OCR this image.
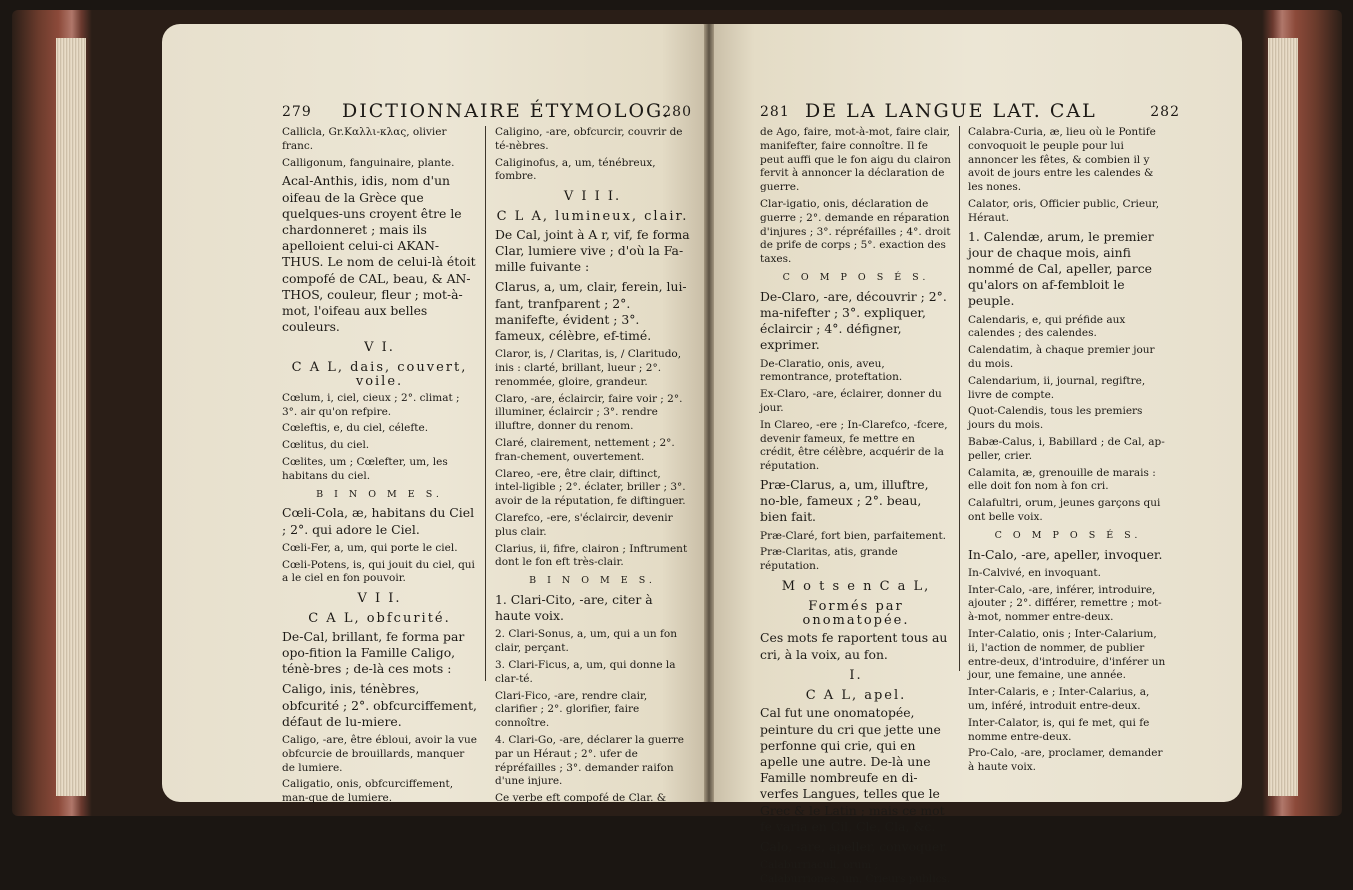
279 DICTIONNAIRE ÉTYMOLOG.
280

Callicla, Gr.Καλλι-κλας, olivier franc.

Calligonum, fanguinaire, plante.

Acal-Anthis, idis, nom d'un oifeau de la Grèce que quelques-uns croyent être le chardonneret ; mais ils apelloient celui-ci AKAN-THUS. Le nom de celui-là étoit compofé de CAL, beau, & AN-THOS, couleur, fleur ; mot-à-mot, l'oifeau aux belles couleurs.

V I.

C A L, dais, couvert, voile.

Cœlum, i, ciel, cieux ; 2°. climat ; 3°. air qu'on refpire.

Cœleftis, e, du ciel, célefte.

Cœlitus, du ciel.

Cœlites, um ; Cœlefter, um, les habitans du ciel.

B I N O M E S.

Cœli-Cola, æ, habitans du Ciel ; 2°. qui adore le Ciel.

Cœli-Fer, a, um, qui porte le ciel.

Cœli-Potens, is, qui jouit du ciel, qui a le ciel en fon pouvoir.

V I I.

C A L, obfcurité.

De-Cal, brillant, fe forma par opo-fition la Famille Caligo, ténè-bres ; de-là ces mots :

Caligo, inis, ténèbres, obfcurité ; 2°. obfcurciffement, défaut de lu-miere.

Caligo, -are, être ébloui, avoir la vue obfcurcie de brouillards, manquer de lumiere.

Caligatio, onis, obfcurciffement, man-que de lumiere.

Caligino, -are, obfcurcir, couvrir de té-nèbres.

Caliginofus, a, um, ténébreux, fombre.

V I I I.

C L A, lumineux, clair.

De Cal, joint à A r, vif, fe forma Clar, lumiere vive ; d'où la Fa-mille fuivante :

Clarus, a, um, clair, ferein, lui-fant, tranfparent ; 2°. manifefte, évident ; 3°. fameux, célèbre, ef-timé.

Claror, is, / Claritas, is, / Claritudo, inis : clarté, brillant, lueur ; 2°. renommée, gloire, grandeur.

Claro, -are, éclaircir, faire voir ; 2°. illuminer, éclaircir ; 3°. rendre illuftre, donner du renom.

Claré, clairement, nettement ; 2°. fran-chement, ouvertement.

Clareo, -ere, être clair, diftinct, intel-ligible ; 2°. éclater, briller ; 3°. avoir de la réputation, fe diftinguer.

Clarefco, -ere, s'éclaircir, devenir plus clair.

Clarius, ii, fifre, clairon ; Inftrument dont le fon eft très-clair.

B I N O M E S.

1. Clari-Cito, -are, citer à haute voix.

2. Clari-Sonus, a, um, qui a un fon clair, perçant.

3. Clari-Ficus, a, um, qui donne la clar-té.

Clari-Fico, -are, rendre clair, clarifier ; 2°. glorifier, faire connoître.

4. Clari-Go, -are, déclarer la guerre par un Héraut ; 2°. ufer de répréfailles ; 3°. demander raifon d'une injure.

Ce verbe eft compofé de Clar. &

281 DE LA LANGUE LAT. CAL	282

de Ago, faire, mot-à-mot, faire clair, manifefter, faire connoître. Il fe peut auffi que le fon aigu du clairon fervit à annoncer la déclaration de guerre.

Clar-igatio, onis, déclaration de guerre ; 2°. demande en réparation d'injures ; 3°. répréfailles ; 4°. droit de prife de corps ; 5°. exaction des taxes.

C O M P O S É S.

De-Claro, -are, découvrir ; 2°. ma-nifefter ; 3°. expliquer, éclaircir ; 4°. défigner, exprimer.

De-Claratio, onis, aveu, remontrance, proteftation.

Ex-Claro, -are, éclairer, donner du jour.

In Clareo, -ere ; In-Clarefco, -fcere, devenir fameux, fe mettre en crédit, être célèbre, acquérir de la réputation.

Præ-Clarus, a, um, illuftre, no-ble, fameux ; 2°. beau, bien fait.

Præ-Claré, fort bien, parfaitement.

Præ-Claritas, atis, grande réputation.

M o t s e n C a L,

Formés par onomatopée.

Ces mots fe raportent tous au cri, à la voix, au fon.

I.

C A L, apel.

Cal fut une onomatopée, peinture du cri que jette une perfonne qui crie, qui en apelle une autre. De-là une Famille nombreufe en di-verfes Langues, telles que le Grec & le Latin ; mais ce mot fe varia en Cil, Cle, Cla, &c.

Calo, -are, apeller, convoquer.

Calaburriaculi, orum ; Calaburriones, um, Crieurs publics.

Calabra-Curia, æ, lieu où le Pontife convoquoit le peuple pour lui annoncer les fêtes, & combien il y avoit de jours entre les calendes & les nones.

Calator, oris, Officier public, Crieur, Héraut.

1. Calendæ, arum, le premier jour de chaque mois, ainfi nommé de Cal, apeller, parce qu'alors on af-fembloit le peuple.

Calendaris, e, qui préfide aux calendes ; des calendes.

Calendatim, à chaque premier jour du mois.

Calendarium, ii, journal, regiftre, livre de compte.

Quot-Calendis, tous les premiers jours du mois.

Babæ-Calus, i, Babillard ; de Cal, ap-peller, crier.

Calamita, æ, grenouille de marais : elle doit fon nom à fon cri.

Calafultri, orum, jeunes garçons qui ont belle voix.

C O M P O S É S.

In-Calo, -are, apeller, invoquer.

In-Calvivé, en invoquant.

Inter-Calo, -are, inférer, introduire, ajouter ; 2°. différer, remettre ; mot-à-mot, nommer entre-deux.

Inter-Calatio, onis ; Inter-Calarium, ii, l'action de nommer, de publier entre-deux, d'introduire, d'inférer un jour, une femaine, une année.

Inter-Calaris, e ; Inter-Calarius, a, um, inféré, introduit entre-deux.

Inter-Calator, is, qui fe met, qui fe nomme entre-deux.

Pro-Calo, -are, proclamer, demander à haute voix.
